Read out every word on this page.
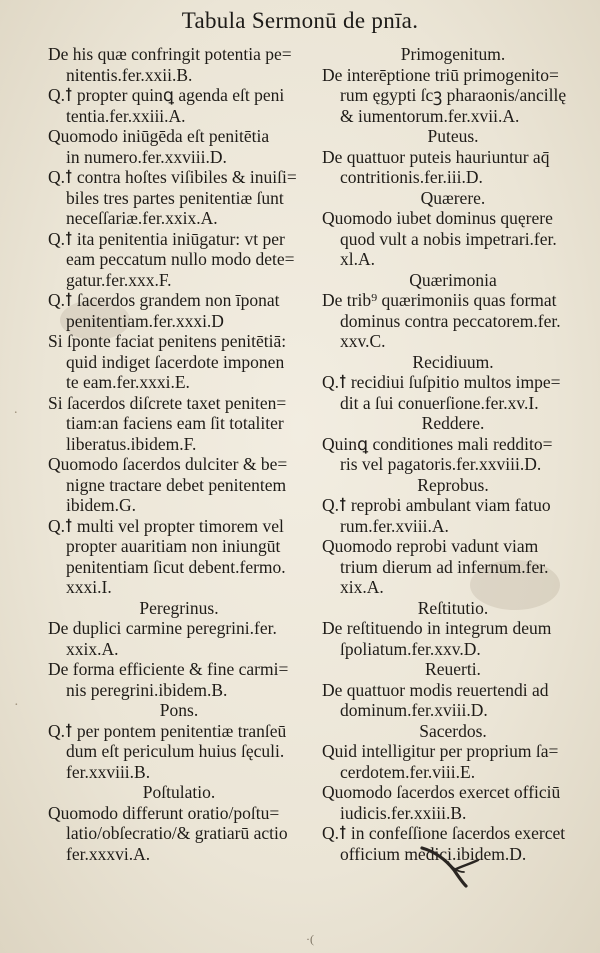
Tabula Sermonū de pnīa.
De his quæ confringit potentia pe=
nitentis.fer.xxii.B.
Q.ꝉ propter quinꝗ agenda eſt peni
tentia.fer.xxiii.A.
Quomodo iniūgēda eſt penitētia
in numero.fer.xxviii.D.
Q.ꝉ contra hoſtes viſibiles & inuiſi=
biles tres partes penitentiæ ſunt
neceſſariæ.fer.xxix.A.
Q.ꝉ ita penitentia iniūgatur: vt per
eam peccatum nullo modo dete=
gatur.fer.xxx.F.
Q.ꝉ ſacerdos grandem non īponat
penitentiam.fer.xxxi.D
Si ſponte faciat penitens penitētiā:
quid indiget ſacerdote imponen
te eam.fer.xxxi.E.
Si ſacerdos diſcrete taxet peniten=
tiam:an faciens eam ſit totaliter
liberatus.ibidem.F.
Quomodo ſacerdos dulciter & be=
nigne tractare debet penitentem
ibidem.G.
Q.ꝉ multi vel propter timorem vel
propter auaritiam non iniungūt
penitentiam ſicut debent.fermo.
xxxi.I.
Peregrinus.
De duplici carmine peregrini.fer.
xxix.A.
De forma efficiente & fine carmi=
nis peregrini.ibidem.B.
Pons.
Q.ꝉ per pontem penitentiæ tranſeū
dum eſt periculum huius ſęculi.
fer.xxviii.B.
Poſtulatio.
Quomodo differunt oratio/poſtu=
latio/obſecratio/& gratiarū actio
fer.xxxvi.A.
Primogenitum.
De interēptione triū primogenito=
rum ęgypti ſcꝫ pharaonis/ancillę
& iumentorum.fer.xvii.A.
Puteus.
De quattuor puteis hauriuntur aq̄
contritionis.fer.iii.D.
Quærere.
Quomodo iubet dominus quęrere
quod vult a nobis impetrari.fer.
xl.A.
Quærimonia
De trib⁹ quærimoniis quas format
dominus contra peccatorem.fer.
xxv.C.
Recidiuum.
Q.ꝉ recidiui ſuſpitio multos impe=
dit a ſui conuerſione.fer.xv.I.
Reddere.
Quinꝗ conditiones mali reddito=
ris vel pagatoris.fer.xxviii.D.
Reprobus.
Q.ꝉ reprobi ambulant viam fatuo
rum.fer.xviii.A.
Quomodo reprobi vadunt viam
trium dierum ad infernum.fer.
xix.A.
Reſtitutio.
De reſtituendo in integrum deum
ſpoliatum.fer.xxv.D.
Reuerti.
De quattuor modis reuertendi ad
dominum.fer.xviii.D.
Sacerdos.
Quid intelligitur per proprium ſa=
cerdotem.fer.viii.E.
Quomodo ſacerdos exercet officiū
iudicis.fer.xxiii.B.
Q.ꝉ in confeſſione ſacerdos exercet
officium medici.ibidem.D.
.
·
·(
